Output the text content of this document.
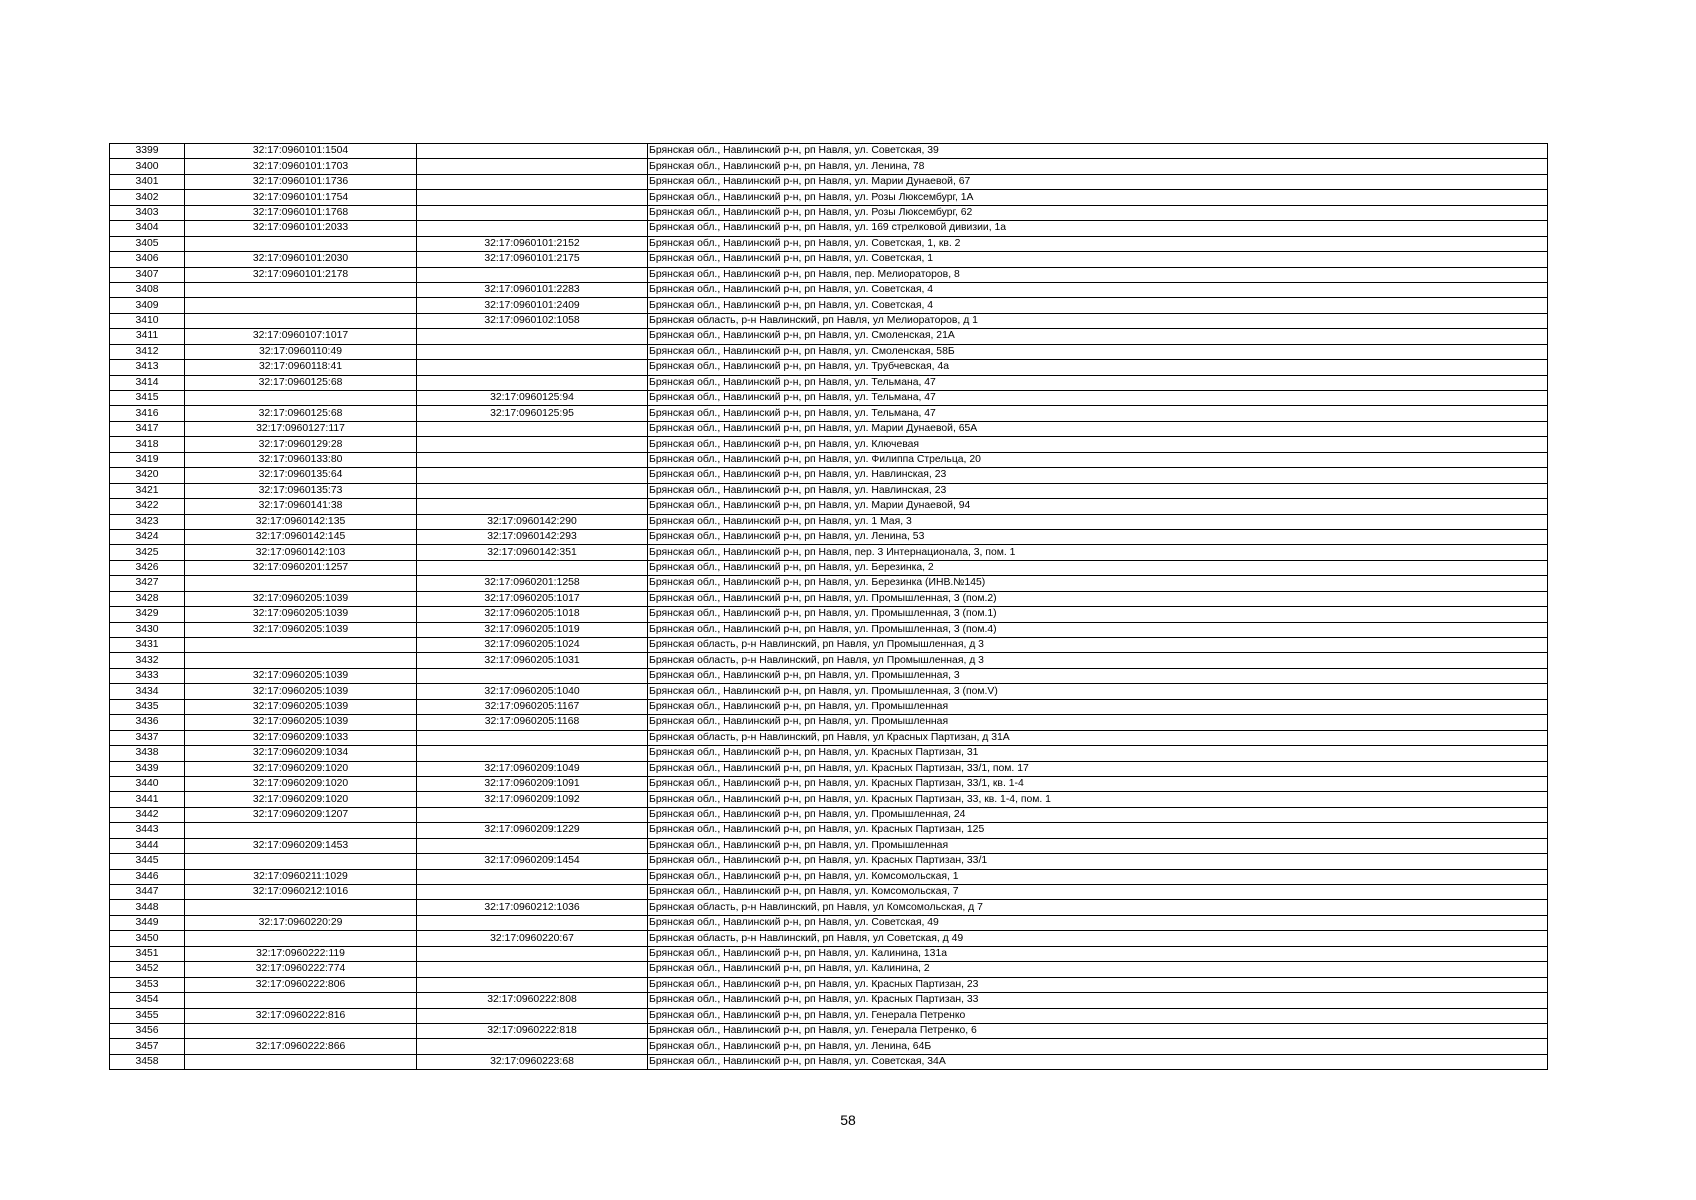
3399	32:17:0960101:1504		Брянская обл., Навлинский р-н, рп Навля, ул. Советская, 39
3400	32:17:0960101:1703		Брянская обл., Навлинский р-н, рп Навля, ул. Ленина, 78
3401	32:17:0960101:1736		Брянская обл., Навлинский р-н, рп Навля, ул. Марии Дунаевой, 67
3402	32:17:0960101:1754		Брянская обл., Навлинский р-н, рп Навля, ул. Розы Люксембург, 1А
3403	32:17:0960101:1768		Брянская обл., Навлинский р-н, рп Навля, ул. Розы Люксембург, 62
3404	32:17:0960101:2033		Брянская обл., Навлинский р-н, рп Навля, ул. 169 стрелковой дивизии, 1а
3405		32:17:0960101:2152	Брянская обл., Навлинский р-н, рп Навля, ул. Советская, 1, кв. 2
3406	32:17:0960101:2030	32:17:0960101:2175	Брянская обл., Навлинский р-н, рп Навля, ул. Советская, 1
3407	32:17:0960101:2178		Брянская обл., Навлинский р-н, рп Навля, пер. Мелиораторов, 8
3408		32:17:0960101:2283	Брянская обл., Навлинский р-н, рп Навля, ул. Советская, 4
3409		32:17:0960101:2409	Брянская обл., Навлинский р-н, рп Навля, ул. Советская, 4
3410		32:17:0960102:1058	Брянская область, р-н Навлинский, рп Навля, ул Мелиораторов, д 1
3411	32:17:0960107:1017		Брянская обл., Навлинский р-н, рп Навля, ул. Смоленская, 21А
3412	32:17:0960110:49		Брянская обл., Навлинский р-н, рп Навля, ул. Смоленская, 58Б
3413	32:17:0960118:41		Брянская обл., Навлинский р-н, рп Навля, ул. Трубчевская, 4а
3414	32:17:0960125:68		Брянская обл., Навлинский р-н, рп Навля, ул. Тельмана, 47
3415		32:17:0960125:94	Брянская обл., Навлинский р-н, рп Навля, ул. Тельмана, 47
3416	32:17:0960125:68	32:17:0960125:95	Брянская обл., Навлинский р-н, рп Навля, ул. Тельмана, 47
3417	32:17:0960127:117		Брянская обл., Навлинский р-н, рп Навля, ул. Марии Дунаевой, 65А
3418	32:17:0960129:28		Брянская обл., Навлинский р-н, рп Навля, ул. Ключевая
3419	32:17:0960133:80		Брянская обл., Навлинский р-н, рп Навля, ул. Филиппа Стрельца, 20
3420	32:17:0960135:64		Брянская обл., Навлинский р-н, рп Навля, ул. Навлинская, 23
3421	32:17:0960135:73		Брянская обл., Навлинский р-н, рп Навля, ул. Навлинская, 23
3422	32:17:0960141:38		Брянская обл., Навлинский р-н, рп Навля, ул. Марии Дунаевой, 94
3423	32:17:0960142:135	32:17:0960142:290	Брянская обл., Навлинский р-н, рп Навля, ул. 1 Мая, 3
3424	32:17:0960142:145	32:17:0960142:293	Брянская обл., Навлинский р-н, рп Навля, ул. Ленина, 53
3425	32:17:0960142:103	32:17:0960142:351	Брянская обл., Навлинский р-н, рп Навля, пер. 3 Интернационала, 3, пом. 1
3426	32:17:0960201:1257		Брянская обл., Навлинский р-н, рп Навля, ул. Березинка, 2
3427		32:17:0960201:1258	Брянская обл., Навлинский р-н, рп Навля, ул. Березинка (ИНВ.№145)
3428	32:17:0960205:1039	32:17:0960205:1017	Брянская обл., Навлинский р-н, рп Навля, ул. Промышленная, 3 (пом.2)
3429	32:17:0960205:1039	32:17:0960205:1018	Брянская обл., Навлинский р-н, рп Навля, ул. Промышленная, 3 (пом.1)
3430	32:17:0960205:1039	32:17:0960205:1019	Брянская обл., Навлинский р-н, рп Навля, ул. Промышленная, 3 (пом.4)
3431		32:17:0960205:1024	Брянская область, р-н Навлинский, рп Навля, ул Промышленная, д 3
3432		32:17:0960205:1031	Брянская область, р-н Навлинский, рп Навля, ул Промышленная, д 3
3433	32:17:0960205:1039		Брянская обл., Навлинский р-н, рп Навля, ул. Промышленная, 3
3434	32:17:0960205:1039	32:17:0960205:1040	Брянская обл., Навлинский р-н, рп Навля, ул. Промышленная, 3 (пом.V)
3435	32:17:0960205:1039	32:17:0960205:1167	Брянская обл., Навлинский р-н, рп Навля, ул. Промышленная
3436	32:17:0960205:1039	32:17:0960205:1168	Брянская обл., Навлинский р-н, рп Навля, ул. Промышленная
3437	32:17:0960209:1033		Брянская область, р-н Навлинский, рп Навля, ул Красных Партизан, д 31А
3438	32:17:0960209:1034		Брянская обл., Навлинский р-н, рп Навля, ул. Красных Партизан, 31
3439	32:17:0960209:1020	32:17:0960209:1049	Брянская обл., Навлинский р-н, рп Навля, ул. Красных Партизан, 33/1, пом. 17
3440	32:17:0960209:1020	32:17:0960209:1091	Брянская обл., Навлинский р-н, рп Навля, ул. Красных Партизан, 33/1, кв. 1-4
3441	32:17:0960209:1020	32:17:0960209:1092	Брянская обл., Навлинский р-н, рп Навля, ул. Красных Партизан, 33, кв. 1-4, пом. 1
3442	32:17:0960209:1207		Брянская обл., Навлинский р-н, рп Навля, ул. Промышленная, 24
3443		32:17:0960209:1229	Брянская обл., Навлинский р-н, рп Навля, ул. Красных Партизан, 125
3444	32:17:0960209:1453		Брянская обл., Навлинский р-н, рп Навля, ул. Промышленная
3445		32:17:0960209:1454	Брянская обл., Навлинский р-н, рп Навля, ул. Красных Партизан, 33/1
3446	32:17:0960211:1029		Брянская обл., Навлинский р-н, рп Навля, ул. Комсомольская, 1
3447	32:17:0960212:1016		Брянская обл., Навлинский р-н, рп Навля, ул. Комсомольская, 7
3448		32:17:0960212:1036	Брянская область, р-н Навлинский, рп Навля, ул Комсомольская, д 7
3449	32:17:0960220:29		Брянская обл., Навлинский р-н, рп Навля, ул. Советская, 49
3450		32:17:0960220:67	Брянская область, р-н Навлинский, рп Навля, ул Советская, д 49
3451	32:17:0960222:119		Брянская обл., Навлинский р-н, рп Навля, ул. Калинина, 131а
3452	32:17:0960222:774		Брянская обл., Навлинский р-н, рп Навля, ул. Калинина, 2
3453	32:17:0960222:806		Брянская обл., Навлинский р-н, рп Навля, ул. Красных Партизан, 23
3454		32:17:0960222:808	Брянская обл., Навлинский р-н, рп Навля, ул. Красных Партизан, 33
3455	32:17:0960222:816		Брянская обл., Навлинский р-н, рп Навля, ул. Генерала Петренко
3456		32:17:0960222:818	Брянская обл., Навлинский р-н, рп Навля, ул. Генерала Петренко, 6
3457	32:17:0960222:866		Брянская обл., Навлинский р-н, рп Навля, ул. Ленина, 64Б
3458		32:17:0960223:68	Брянская обл., Навлинский р-н, рп Навля, ул. Советская, 34А
58
